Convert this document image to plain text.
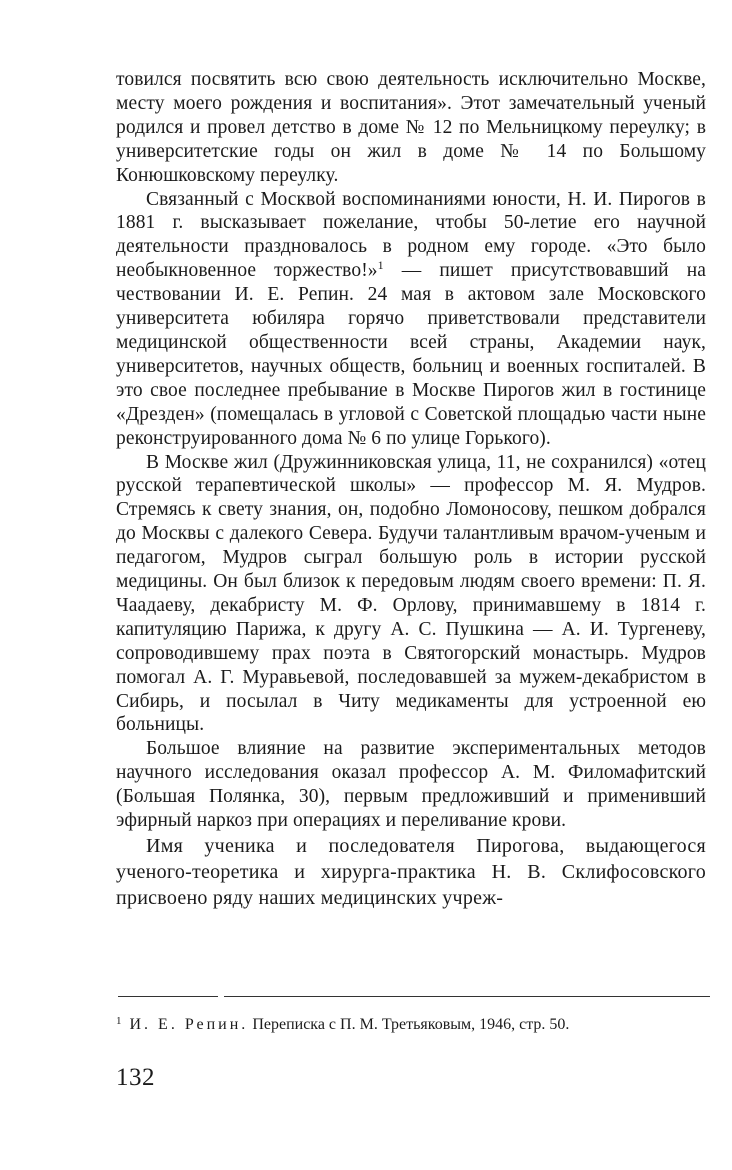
товился посвятить всю свою деятельность исключительно Москве, месту моего рождения и воспитания». Этот замечательный ученый родился и провел детство в доме № 12 по Мельницкому переулку; в университетские годы он жил в доме № 14 по Большому Конюшковскому переулку.

Связанный с Москвой воспоминаниями юности, Н. И. Пирогов в 1881 г. высказывает пожелание, чтобы 50-летие его научной деятельности праздновалось в родном ему городе. «Это было необыкновенное торжество!»$^1$ — пишет присутствовавший на чествовании И. Е. Репин. 24 мая в актовом зале Московского университета юбиляра горячо приветствовали представители медицинской общественности всей страны, Академии наук, университетов, научных обществ, больниц и военных госпиталей. В это свое последнее пребывание в Москве Пирогов жил в гостинице «Дрезден» (помещалась в угловой с Советской площадью части ныне реконструированного дома № 6 по улице Горького).

В Москве жил (Дружинниковская улица, 11, не сохранился) «отец русской терапевтической школы» — профессор М. Я. Мудров. Стремясь к свету знания, он, подобно Ломоносову, пешком добрался до Москвы с далекого Севера. Будучи талантливым врачом-ученым и педагогом, Мудров сыграл большую роль в истории русской медицины. Он был близок к передовым людям своего времени: П. Я. Чаадаеву, декабристу М. Ф. Орлову, принимавшему в 1814 г. капитуляцию Парижа, к другу А. С. Пушкина — А. И. Тургеневу, сопроводившему прах поэта в Святогорский монастырь. Мудров помогал А. Г. Муравьевой, последовавшей за мужем-декабристом в Сибирь, и посылал в Читу медикаменты для устроенной ею больницы.

Большое влияние на развитие экспериментальных методов научного исследования оказал профессор А. М. Филомафитский (Большая Полянка, 30), первым предложивший и применивший эфирный наркоз при операциях и переливание крови.

Имя ученика и последователя Пирогова, выдающегося ученого-теоретика и хирурга-практика Н. В. Склифосовского присвоено ряду наших медицинских учреж-

$^1$ И. Е. Репин. Переписка с П. М. Третьяковым, 1946, стр. 50.
132
